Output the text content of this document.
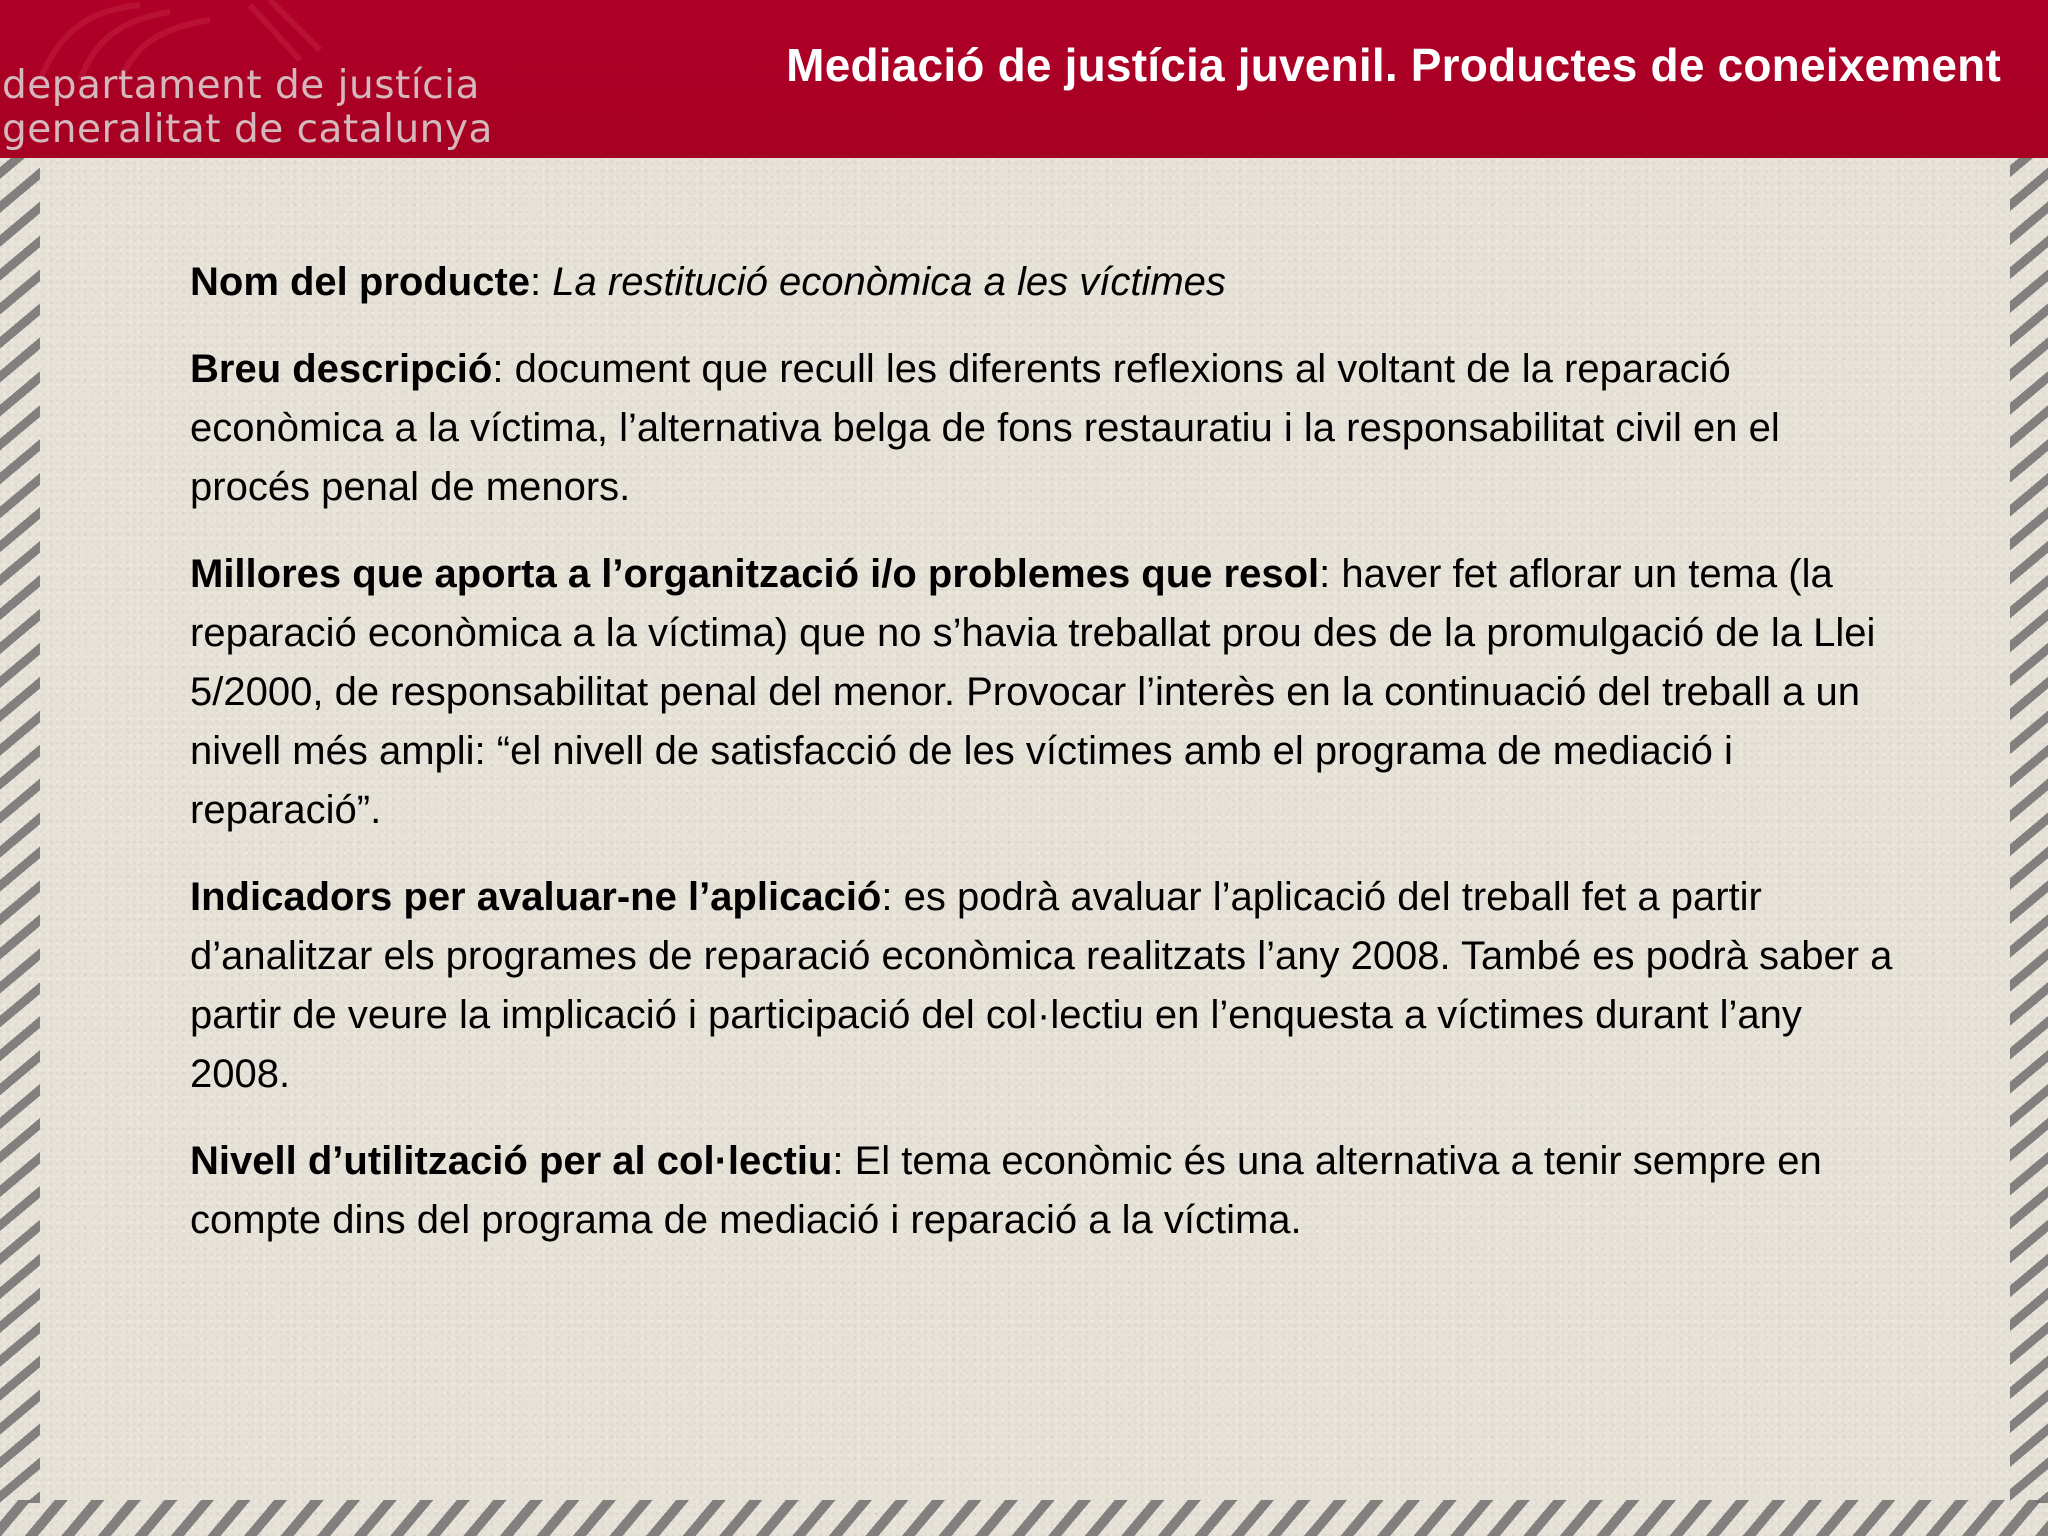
departament de justícia
generalitat de catalunya
Mediació de justícia juvenil. Productes de coneixement

Nom del producte: La restitució econòmica a les víctimes

Breu descripció: document que recull les diferents reflexions al voltant de la reparació econòmica a la víctima, l’alternativa belga de fons restauratiu i la responsabilitat civil en el procés penal de menors.

Millores que aporta a l’organització i/o problemes que resol: haver fet aflorar un tema (la reparació econòmica a la víctima) que no s’havia treballat prou des de la promulgació de la Llei 5/2000, de responsabilitat penal del menor. Provocar l’interès en la continuació del treball a un nivell més ampli: “el nivell de satisfacció de les víctimes amb el programa de mediació i reparació”.

Indicadors per avaluar-ne l’aplicació: es podrà avaluar l’aplicació del treball fet a partir d’analitzar els programes de reparació econòmica realitzats l’any 2008. També es podrà saber a partir de veure la implicació i participació del col·lectiu en l’enquesta a víctimes durant l’any 2008.

Nivell d’utilització per al col·lectiu: El tema econòmic és una alternativa a tenir sempre en compte dins del programa de mediació i reparació a la víctima.
